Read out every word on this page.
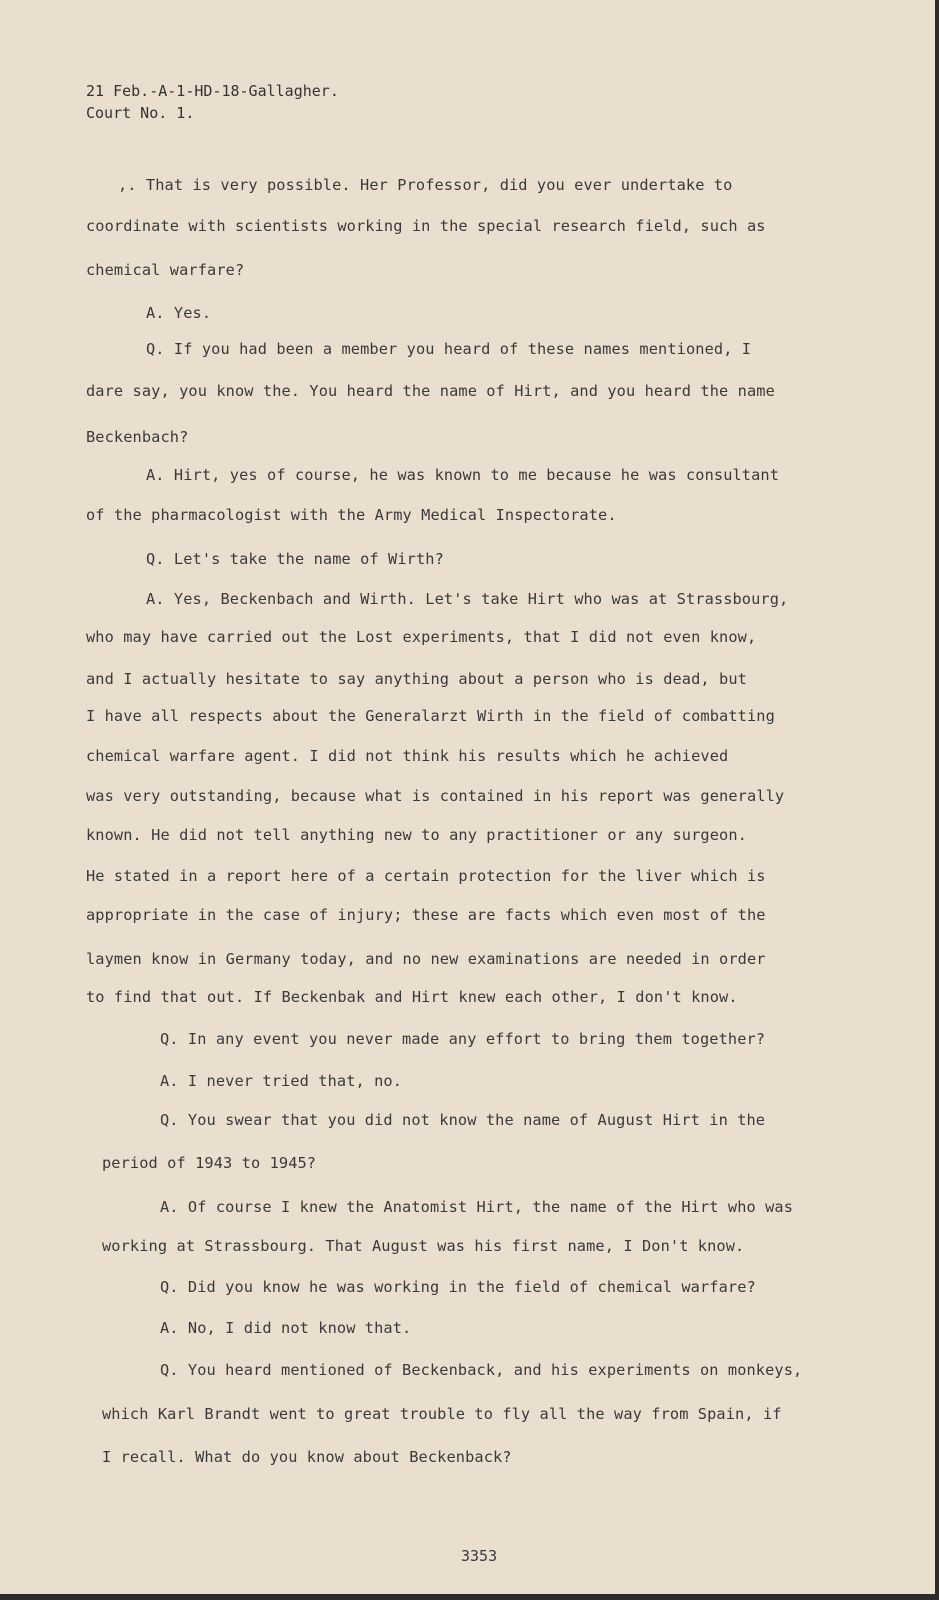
21 Feb.-A-1-HD-18-Gallagher.
Court No. 1.
,. That is very possible. Her Professor, did you ever undertake to
coordinate with scientists working in the special research field, such as
chemical warfare?
A. Yes.
Q. If you had been a member you heard of these names mentioned, I
dare say, you know the. You heard the name of Hirt, and you heard the name
Beckenbach?
A. Hirt, yes of course, he was known to me because he was consultant
of the pharmacologist with the Army Medical Inspectorate.
Q. Let's take the name of Wirth?
A. Yes, Beckenbach and Wirth. Let's take Hirt who was at Strassbourg,
who may have carried out the Lost experiments, that I did not even know,
and I actually hesitate to say anything about a person who is dead, but
I have all respects about the Generalarzt Wirth in the field of combatting
chemical warfare agent. I did not think his results which he achieved
was very outstanding, because what is contained in his report was generally
known. He did not tell anything new to any practitioner or any surgeon.
He stated in a report here of a certain protection for the liver which is
appropriate in the case of injury; these are facts which even most of the
laymen know in Germany today, and no new examinations are needed in order
to find that out. If Beckenbak and Hirt knew each other, I don't know.
Q. In any event you never made any effort to bring them together?
A. I never tried that, no.
Q. You swear that you did not know the name of August Hirt in the
period of 1943 to 1945?
A. Of course I knew the Anatomist Hirt, the name of the Hirt who was
working at Strassbourg. That August was his first name, I Don't know.
Q. Did you know he was working in the field of chemical warfare?
A. No, I did not know that.
Q. You heard mentioned of Beckenback, and his experiments on monkeys,
which Karl Brandt went to great trouble to fly all the way from Spain, if
I recall. What do you know about Beckenback?
3353
